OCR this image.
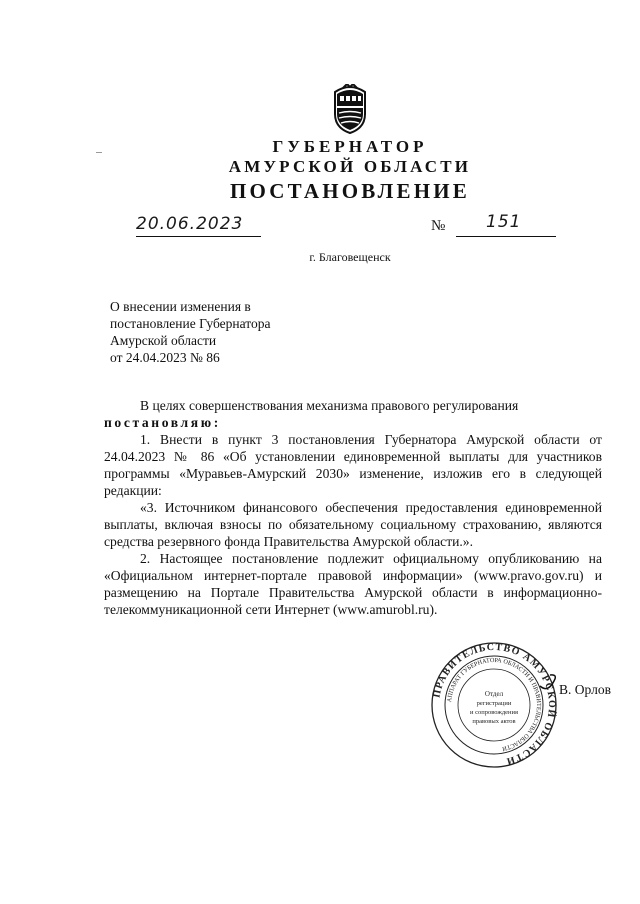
ГУБЕРНАТОР
АМУРСКОЙ ОБЛАСТИ
ПОСТАНОВЛЕНИЕ
20.06.2023	№ 151
г. Благовещенск
О внесении изменения в
постановление Губернатора
Амурской области
от 24.04.2023 № 86

В целях совершенствования механизма правового регулирования

постановляю:

1. Внести в пункт 3 постановления Губернатора Амурской области от 24.04.2023 № 86 «Об установлении единовременной выплаты для участников программы «Муравьев-Амурский 2030» изменение, изложив его в следующей редакции:

«3. Источником финансового обеспечения предоставления единовременной выплаты, включая взносы по обязательному социальному страхованию, являются средства резервного фонда Правительства Амурской области.».

2. Настоящее постановление подлежит официальному опубликованию на «Официальном интернет-портале правовой информации» (www.pravo.gov.ru) и размещению на Портале Правительства Амурской области в информационно-телекоммуникационной сети Интернет (www.amurobl.ru).

ПРАВИТЕЛЬСТВО АМУРСКОЙ ОБЛАСТИ
АППАРАТ ГУБЕРНАТОРА ОБЛАСТИ И ПРАВИТЕЛЬСТВА ОБЛАСТИ
Отдел
регистрации
и сопровождения
правовых актов
В. Орлов
